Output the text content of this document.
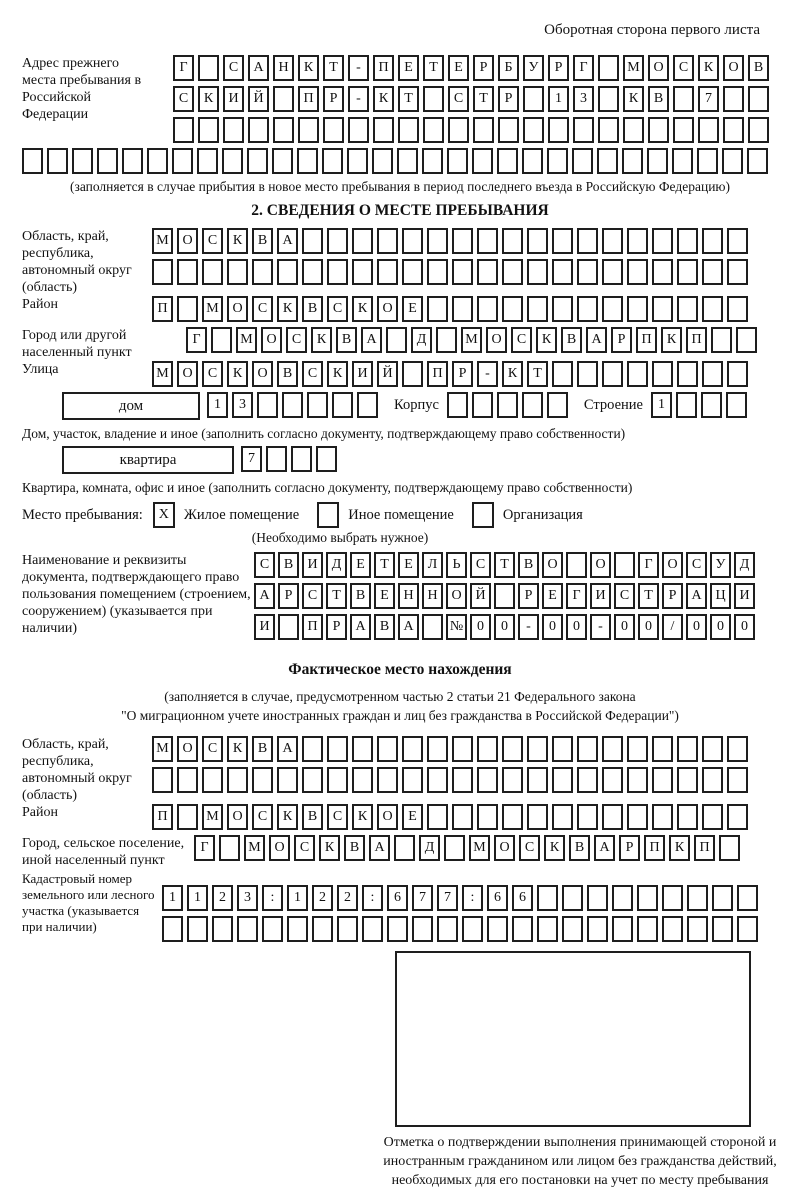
Оборотная сторона первого листа
Адрес прежнего места пребывания в Российской Федерации
Г	С	А	Н	К	Т	-	П	Е	Т	Е	Р	Б	У	Р	Г	М О	С	К	О	В
С	К	И	Й	П	Р	-	К	Т	С	Т	Р	1	3	К	В	7
(заполняется в случае прибытия в новое место пребывания в период последнего въезда в Российскую Федерацию)
2. СВЕДЕНИЯ О МЕСТЕ ПРЕБЫВАНИЯ
Область, край, республика, автономный округ (область)
М О	С	К	В	А
Район	П	М О	С	К	В	С	К	О	Е
Город или другой населенный пункт
Г	М О	С	К	В	А	Д	М О	С	К	В	А	Р	П	К	П
Улица	М О	С	К	О	В	С	К	И	Й	П	Р	-	К	Т
дом	1	3	Корпус	Строение	1
Дом, участок, владение и иное (заполнить согласно документу, подтверждающему право собственности)
квартира	7
Квартира, комната, офис и иное (заполнить согласно документу, подтверждающему право собственности)
Место пребывания:	X	Жилое помещение	Иное помещение	Организация
(Необходимо выбрать нужное)
Наименование и реквизиты документа, подтверждающего право пользования помещением (строением, сооружением) (указывается при наличии)
С	В	И	Д	Е	Т	Е	Л	Ь	С	Т	В	О	О	Г	О	С	У	Д
А	Р	С	Т	В	Е	Н Н О Й	Р	Е	Г	И	С	Т	Р	А Ц И
И	П	Р	А	В	А	№ 0	0	-	0	0	-	0	0	/	0	0	0
Фактическое место нахождения
(заполняется в случае, предусмотренном частью 2 статьи 21 Федерального закона
"О миграционном учете иностранных граждан и лиц без гражданства в Российской Федерации")
Область, край, республика, автономный округ (область)
М О	С	К	В	А
Район	П	М О	С	К	В	С	К	О	Е
Город, сельское поселение, иной населенный пункт
Г	М О	С	К	В	А	Д	М О	С	К	В	А	Р	П	К	П
Кадастровый номер земельного или лесного участка (указывается при наличии)
1	1	2	3	:	1	2	2	:	6	7	7	:	6	6
Отметка о подтверждении выполнения принимающей стороной и иностранным гражданином или лицом без гражданства действий, необходимых для его постановки на учет по месту пребывания
